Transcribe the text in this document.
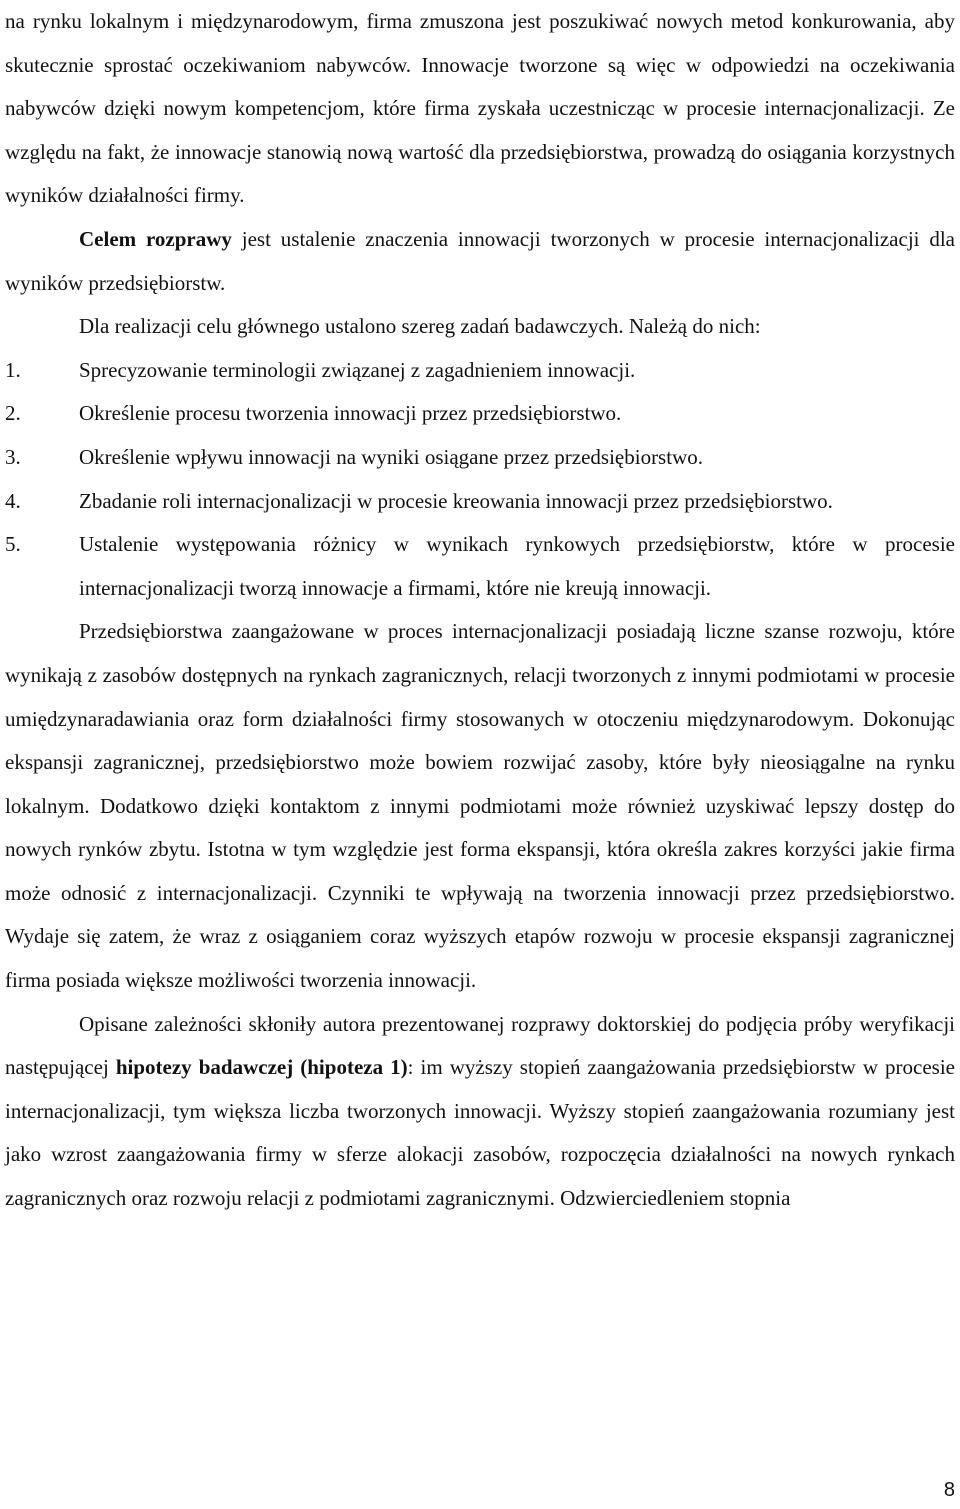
na rynku lokalnym i międzynarodowym, firma zmuszona jest poszukiwać nowych metod konkurowania, aby skutecznie sprostać oczekiwaniom nabywców. Innowacje tworzone są więc w odpowiedzi na oczekiwania nabywców dzięki nowym kompetencjom, które firma zyskała uczestnicząc w procesie internacjonalizacji. Ze względu na fakt, że innowacje stanowią nową wartość dla przedsiębiorstwa, prowadzą do osiągania korzystnych wyników działalności firmy.

Celem rozprawy jest ustalenie znaczenia innowacji tworzonych w procesie internacjonalizacji dla wyników przedsiębiorstw.

Dla realizacji celu głównego ustalono szereg zadań badawczych. Należą do nich:

1.	Sprecyzowanie terminologii związanej z zagadnieniem innowacji.
2.	Określenie procesu tworzenia innowacji przez przedsiębiorstwo.
3.	Określenie wpływu innowacji na wyniki osiągane przez przedsiębiorstwo.
4.	Zbadanie roli internacjonalizacji w procesie kreowania innowacji przez przedsiębiorstwo.
5.	Ustalenie występowania różnicy w wynikach rynkowych przedsiębiorstw, które w procesie internacjonalizacji tworzą innowacje a firmami, które nie kreują innowacji.

Przedsiębiorstwa zaangażowane w proces internacjonalizacji posiadają liczne szanse rozwoju, które wynikają z zasobów dostępnych na rynkach zagranicznych, relacji tworzonych z innymi podmiotami w procesie umiędzynaradawiania oraz form działalności firmy stosowanych w otoczeniu międzynarodowym. Dokonując ekspansji zagranicznej, przedsiębiorstwo może bowiem rozwijać zasoby, które były nieosiągalne na rynku lokalnym. Dodatkowo dzięki kontaktom z innymi podmiotami może również uzyskiwać lepszy dostęp do nowych rynków zbytu. Istotna w tym względzie jest forma ekspansji, która określa zakres korzyści jakie firma może odnosić z internacjonalizacji. Czynniki te wpływają na tworzenia innowacji przez przedsiębiorstwo. Wydaje się zatem, że wraz z osiąganiem coraz wyższych etapów rozwoju w procesie ekspansji zagranicznej firma posiada większe możliwości tworzenia innowacji.

Opisane zależności skłoniły autora prezentowanej rozprawy doktorskiej do podjęcia próby weryfikacji następującej hipotezy badawczej (hipoteza 1): im wyższy stopień zaangażowania przedsiębiorstw w procesie internacjonalizacji, tym większa liczba tworzonych innowacji. Wyższy stopień zaangażowania rozumiany jest jako wzrost zaangażowania firmy w sferze alokacji zasobów, rozpoczęcia działalności na nowych rynkach zagranicznych oraz rozwoju relacji z podmiotami zagranicznymi. Odzwierciedleniem stopnia

8
